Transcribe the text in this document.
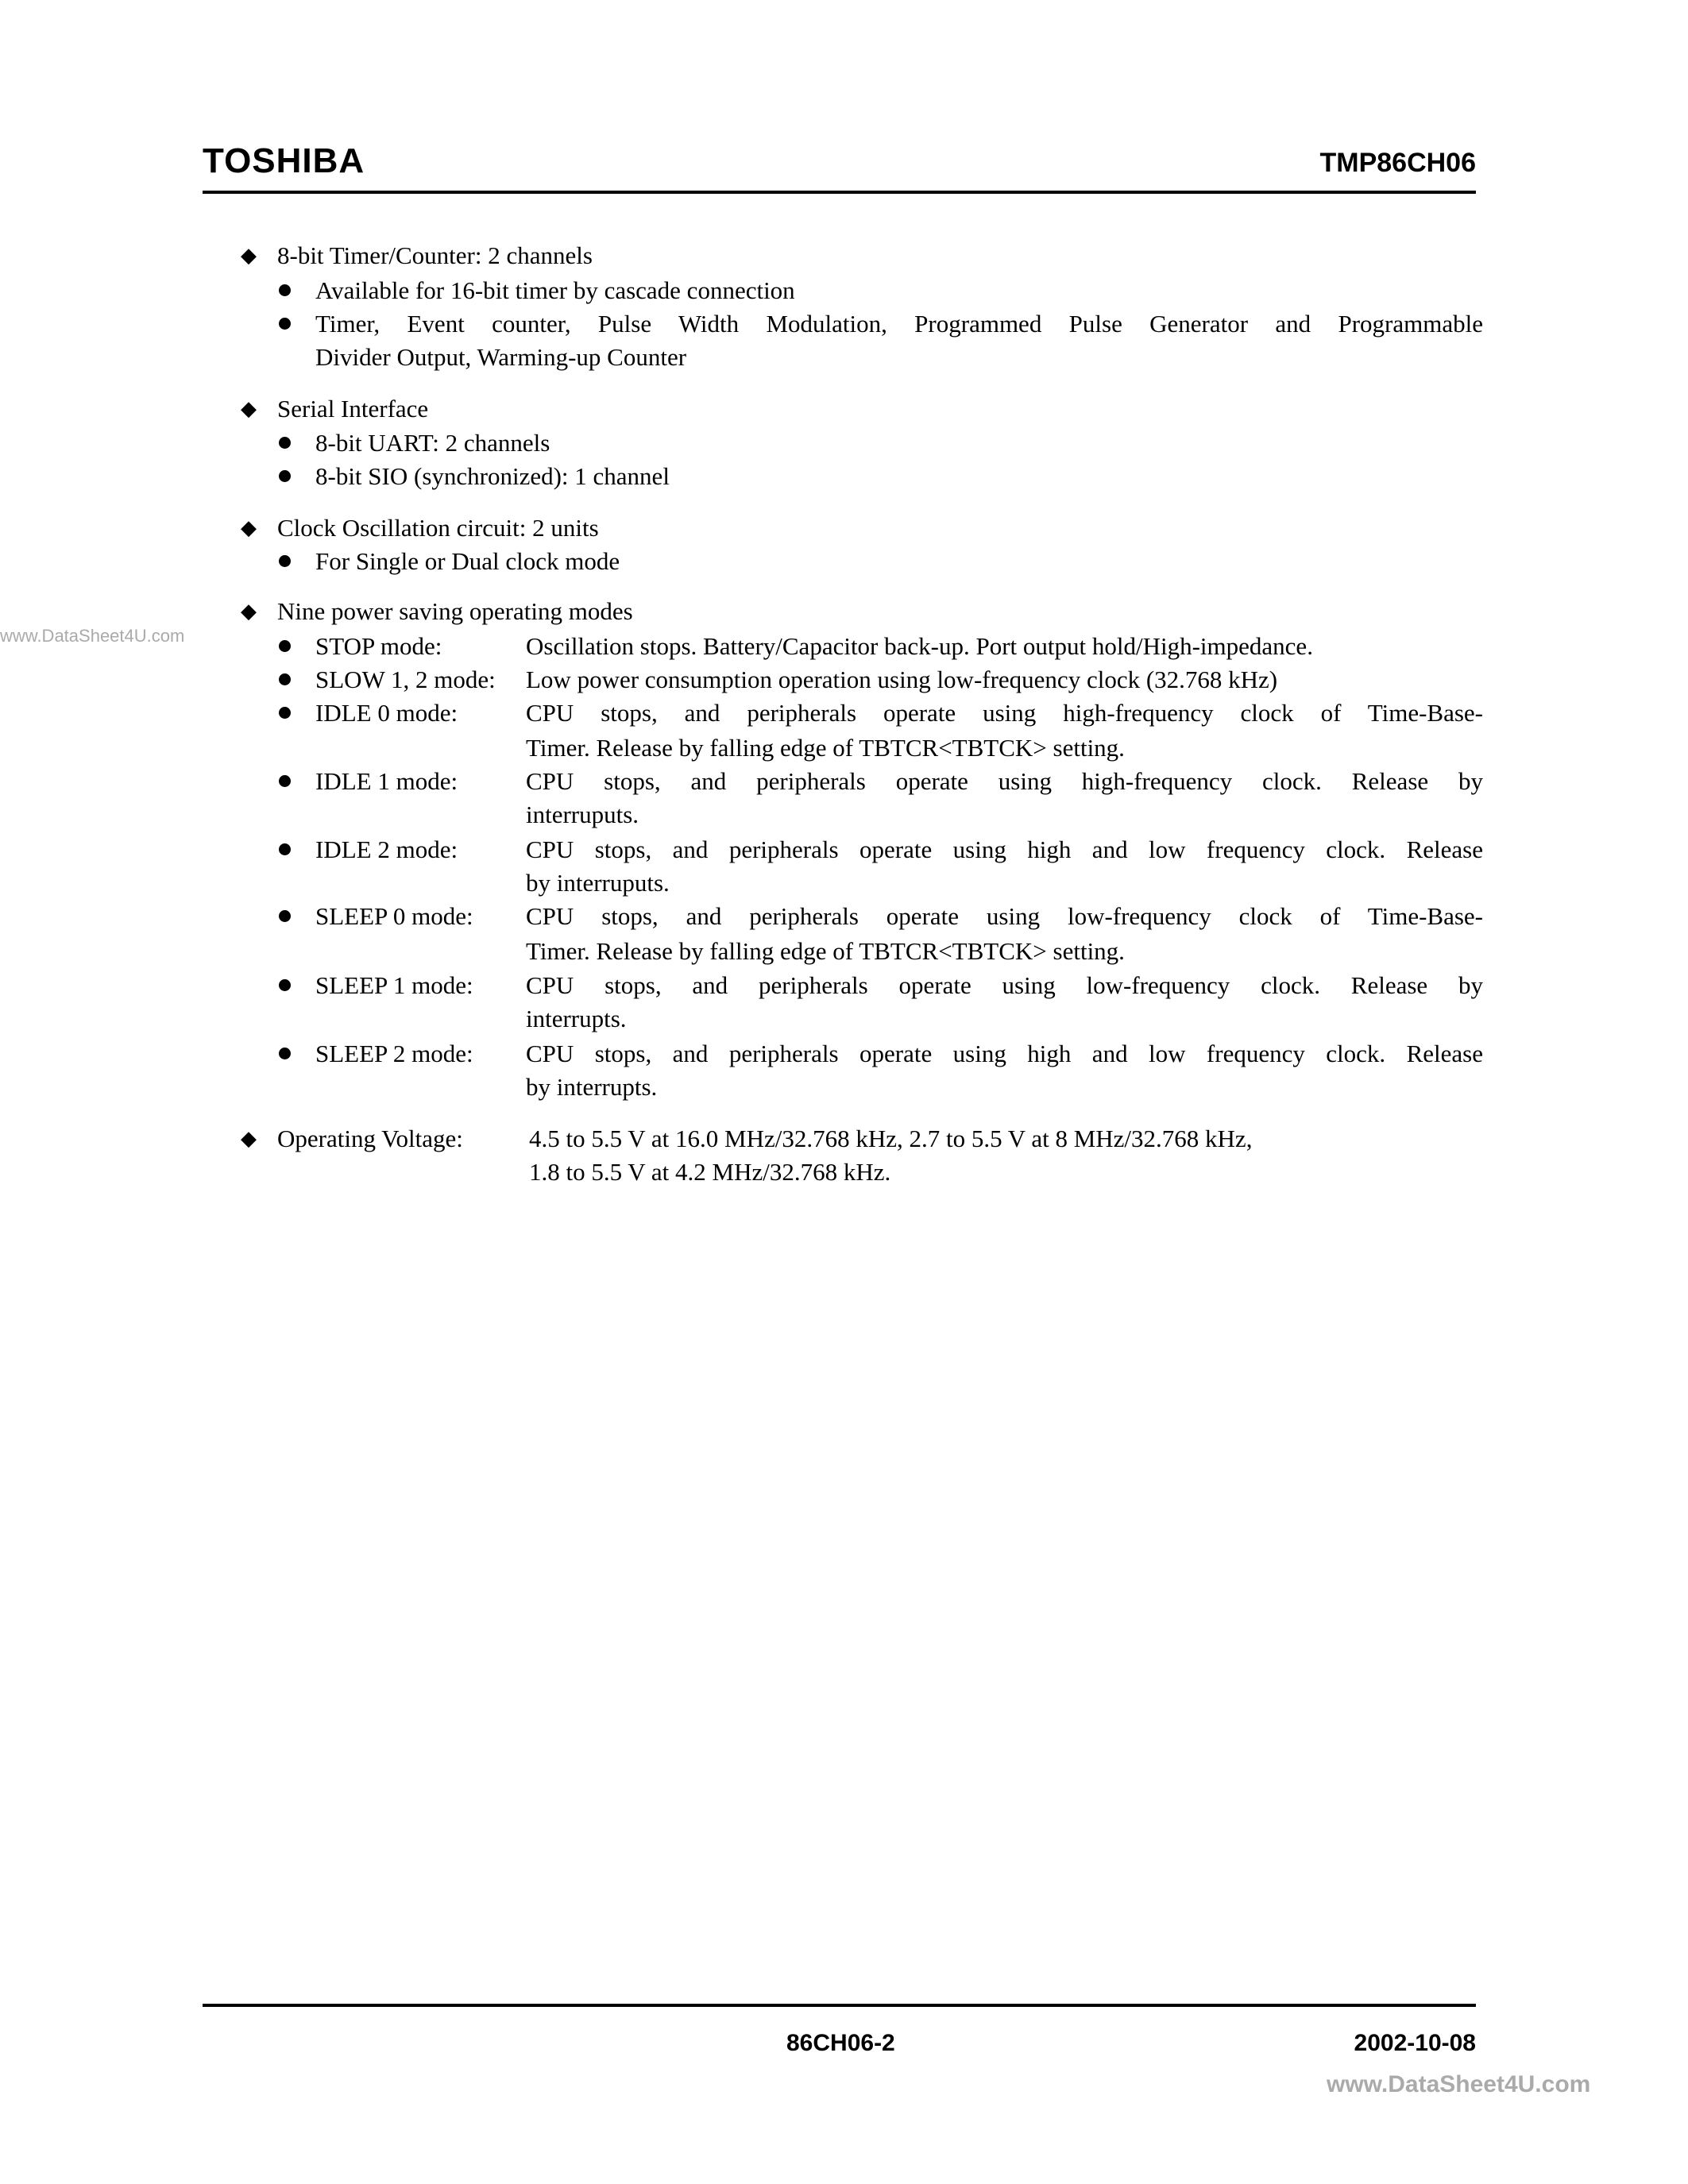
TOSHIBA	TMP86CH06
www.DataSheet4U.com
◆ 8-bit Timer/Counter: 2 channels
Available for 16-bit timer by cascade connection
Timer, Event counter, Pulse Width Modulation, Programmed Pulse Generator and Programmable
Divider Output, Warming-up Counter
◆ Serial Interface
8-bit UART: 2 channels
8-bit SIO (synchronized): 1 channel
◆ Clock Oscillation circuit: 2 units
For Single or Dual clock mode
◆ Nine power saving operating modes
STOP mode:	Oscillation stops. Battery/Capacitor back-up. Port output hold/High-impedance.
SLOW 1, 2 mode: Low power consumption operation using low-frequency clock (32.768 kHz)
IDLE 0 mode:	CPU stops, and peripherals operate using high-frequency clock of Time-Base-
Timer. Release by falling edge of TBTCR<TBTCK> setting.
IDLE 1 mode:	CPU stops, and peripherals operate using high-frequency clock. Release by
interruputs.
IDLE 2 mode:	CPU stops, and peripherals operate using high and low frequency clock. Release
by interruputs.
SLEEP 0 mode: CPU stops, and peripherals operate using low-frequency clock of Time-Base-
Timer. Release by falling edge of TBTCR<TBTCK> setting.
SLEEP 1 mode: CPU stops, and peripherals operate using low-frequency clock. Release by
interrupts.
SLEEP 2 mode: CPU stops, and peripherals operate using high and low frequency clock. Release
by interrupts.
◆ Operating Voltage:	4.5 to 5.5 V at 16.0 MHz/32.768 kHz, 2.7 to 5.5 V at 8 MHz/32.768 kHz,
1.8 to 5.5 V at 4.2 MHz/32.768 kHz.
86CH06-2	2002-10-08
www.DataSheet4U.com
